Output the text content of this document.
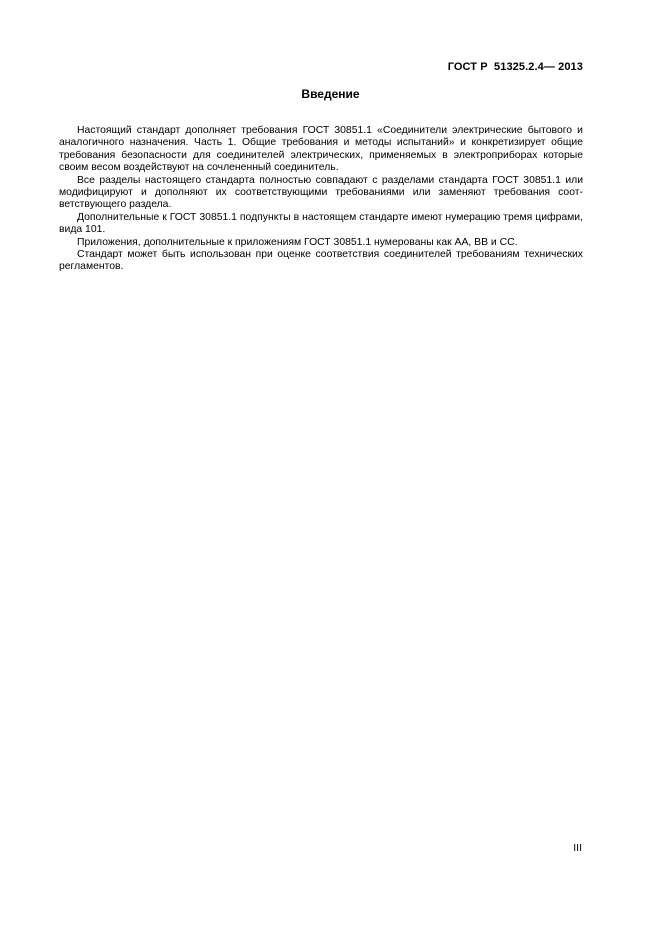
ГОСТ Р  51325.2.4— 2013
Введение

Настоящий стандарт дополняет требования ГОСТ 30851.1 «Соединители электрические бытового и аналогичного назначения. Часть 1. Общие требования и методы испытаний» и конкретизирует общие требования безопасности для соединителей электрических, применяемых в электроприборах которые своим весом воздействуют на сочлененный соединитель.

Все разделы настоящего стандарта полностью совпадают с разделами стандарта ГОСТ 30851.1 или модифицируют и дополняют их соответствующими требованиями или заменяют требования соответствующего раздела.

Дополнительные к ГОСТ 30851.1 подпункты в настоящем стандарте имеют нумерацию тремя цифрами, вида 101.

Приложения, дополнительные к приложениям ГОСТ 30851.1 нумерованы как АА, ВВ и СС.

Стандарт может быть использован при оценке соответствия соединителей требованиям технических регламентов.

III
